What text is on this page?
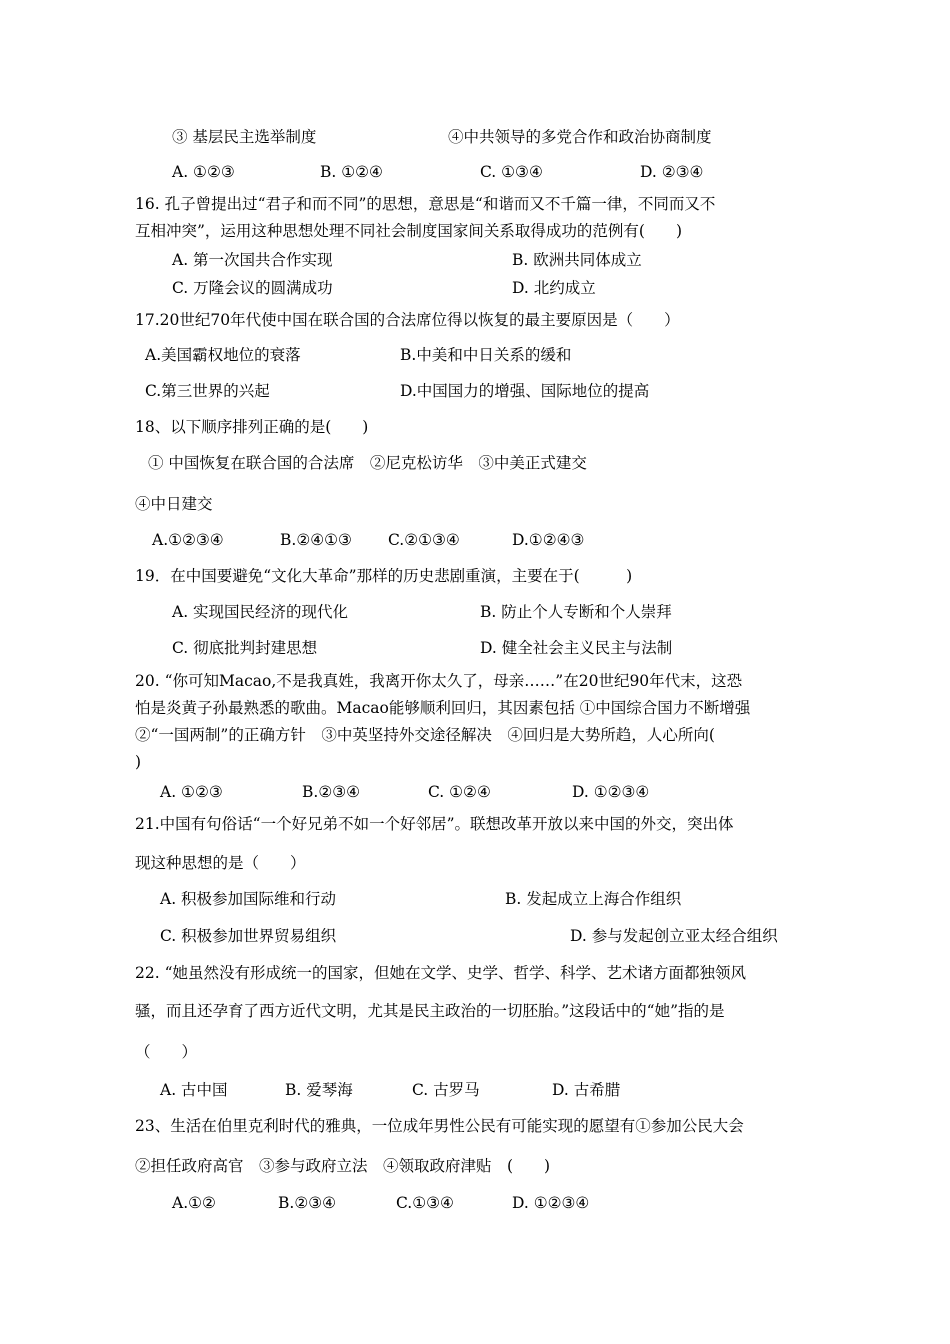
③ 基层民主选举制度	④中共领导的多党合作和政治协商制度
A. ①②③	B. ①②④	C. ①③④	D. ②③④
16. 孔子曾提出过“君子和而不同”的思想，意思是“和谐而又不千篇一律，不同而又不
互相冲突”，运用这种思想处理不同社会制度国家间关系取得成功的范例有(　　)
A. 第一次国共合作实现	B. 欧洲共同体成立
C. 万隆会议的圆满成功	D. 北约成立
17.20世纪70年代使中国在联合国的合法席位得以恢复的最主要原因是（　　）
A.美国霸权地位的衰落	B.中美和中日关系的缓和
C.第三世界的兴起	D.中国国力的增强、国际地位的提高
18、以下顺序排列正确的是(　　)
① 中国恢复在联合国的合法席　②尼克松访华　③中美正式建交
④中日建交
A.①②③④	B.②④①③ C.②①③④	D.①②④③
19．在中国要避免“文化大革命”那样的历史悲剧重演，主要在于(　　　)
A. 实现国民经济的现代化	B. 防止个人专断和个人崇拜
C. 彻底批判封建思想	D. 健全社会主义民主与法制
20. “你可知Macao,不是我真姓，我离开你太久了，母亲……”在20世纪90年代末，这恐
怕是炎黄子孙最熟悉的歌曲。Macao能够顺利回归，其因素包括 ①中国综合国力不断增强
②“一国两制”的正确方针　③中英坚持外交途径解决　④回归是大势所趋，人心所向(
)
A. ①②③	B.②③④	C. ①②④	D. ①②③④
21.中国有句俗话“一个好兄弟不如一个好邻居”。联想改革开放以来中国的外交，突出体
现这种思想的是（　　）
A. 积极参加国际维和行动	B. 发起成立上海合作组织
C. 积极参加世界贸易组织	D. 参与发起创立亚太经合组织
22. “她虽然没有形成统一的国家，但她在文学、史学、哲学、科学、艺术诸方面都独领风
骚，而且还孕育了西方近代文明，尤其是民主政治的一切胚胎。”这段话中的“她”指的是
（　　）
A. 古中国	B. 爱琴海	C. 古罗马	D. 古希腊
23、生活在伯里克利时代的雅典，一位成年男性公民有可能实现的愿望有①参加公民大会
②担任政府高官　③参与政府立法　④领取政府津贴　(　　)
A.①②	B.②③④	C.①③④	D. ①②③④
